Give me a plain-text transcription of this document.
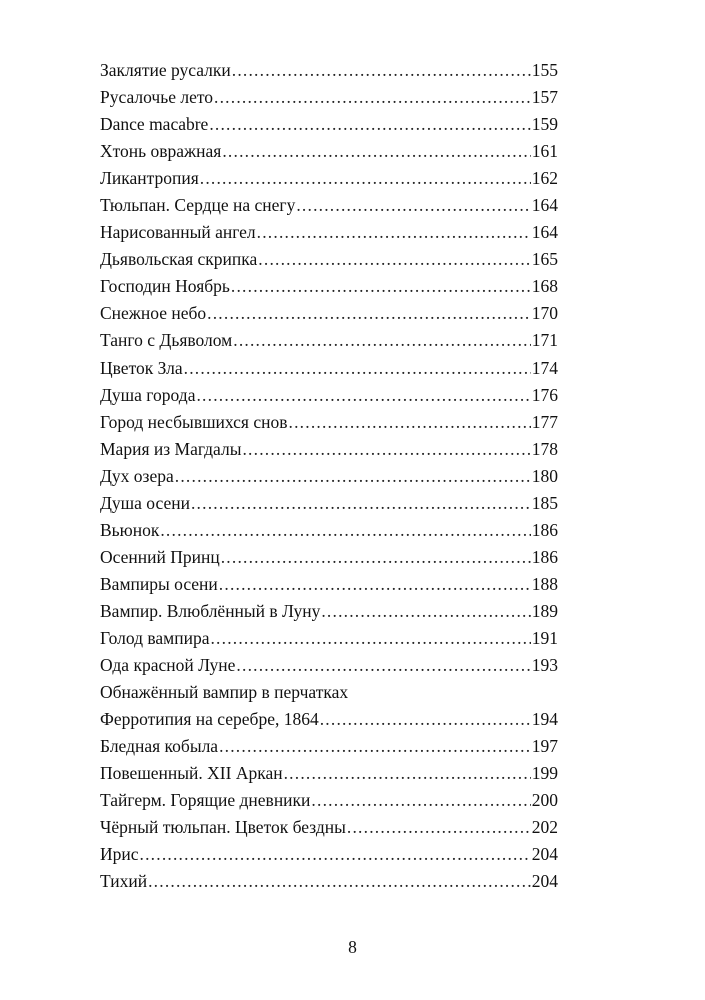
Заклятие русалки .....	155
Русалочье лето .....	157
Dance macabre .....	159
Хтонь овражная .....	161
Ликантропия .....	162
Тюльпан. Сердце на снегу .....	164
Нарисованный ангел .....	164
Дьявольская скрипка .....	165
Господин Ноябрь .....	168
Снежное небо .....	170
Танго с Дьяволом .....	171
Цветок Зла .....	174
Душа города .....	176
Город несбывшихся снов .....	177
Мария из Магдалы .....	178
Дух озера .....	180
Душа осени .....	185
Вьюнок .....	186
Осенний Принц .....	186
Вампиры осени .....	188
Вампир. Влюблённый в Луну .....	189
Голод вампира .....	191
Ода красной Луне .....	193
Обнажённый вампир в перчатках
Ферротипия на серебре, 1864 .....	194
Бледная кобыла .....	197
Повешенный. XII Аркан .....	199
Тайгерм. Горящие дневники .....	200
Чёрный тюльпан. Цветок бездны .....	202
Ирис .....	204
Тихий .....	204
8
